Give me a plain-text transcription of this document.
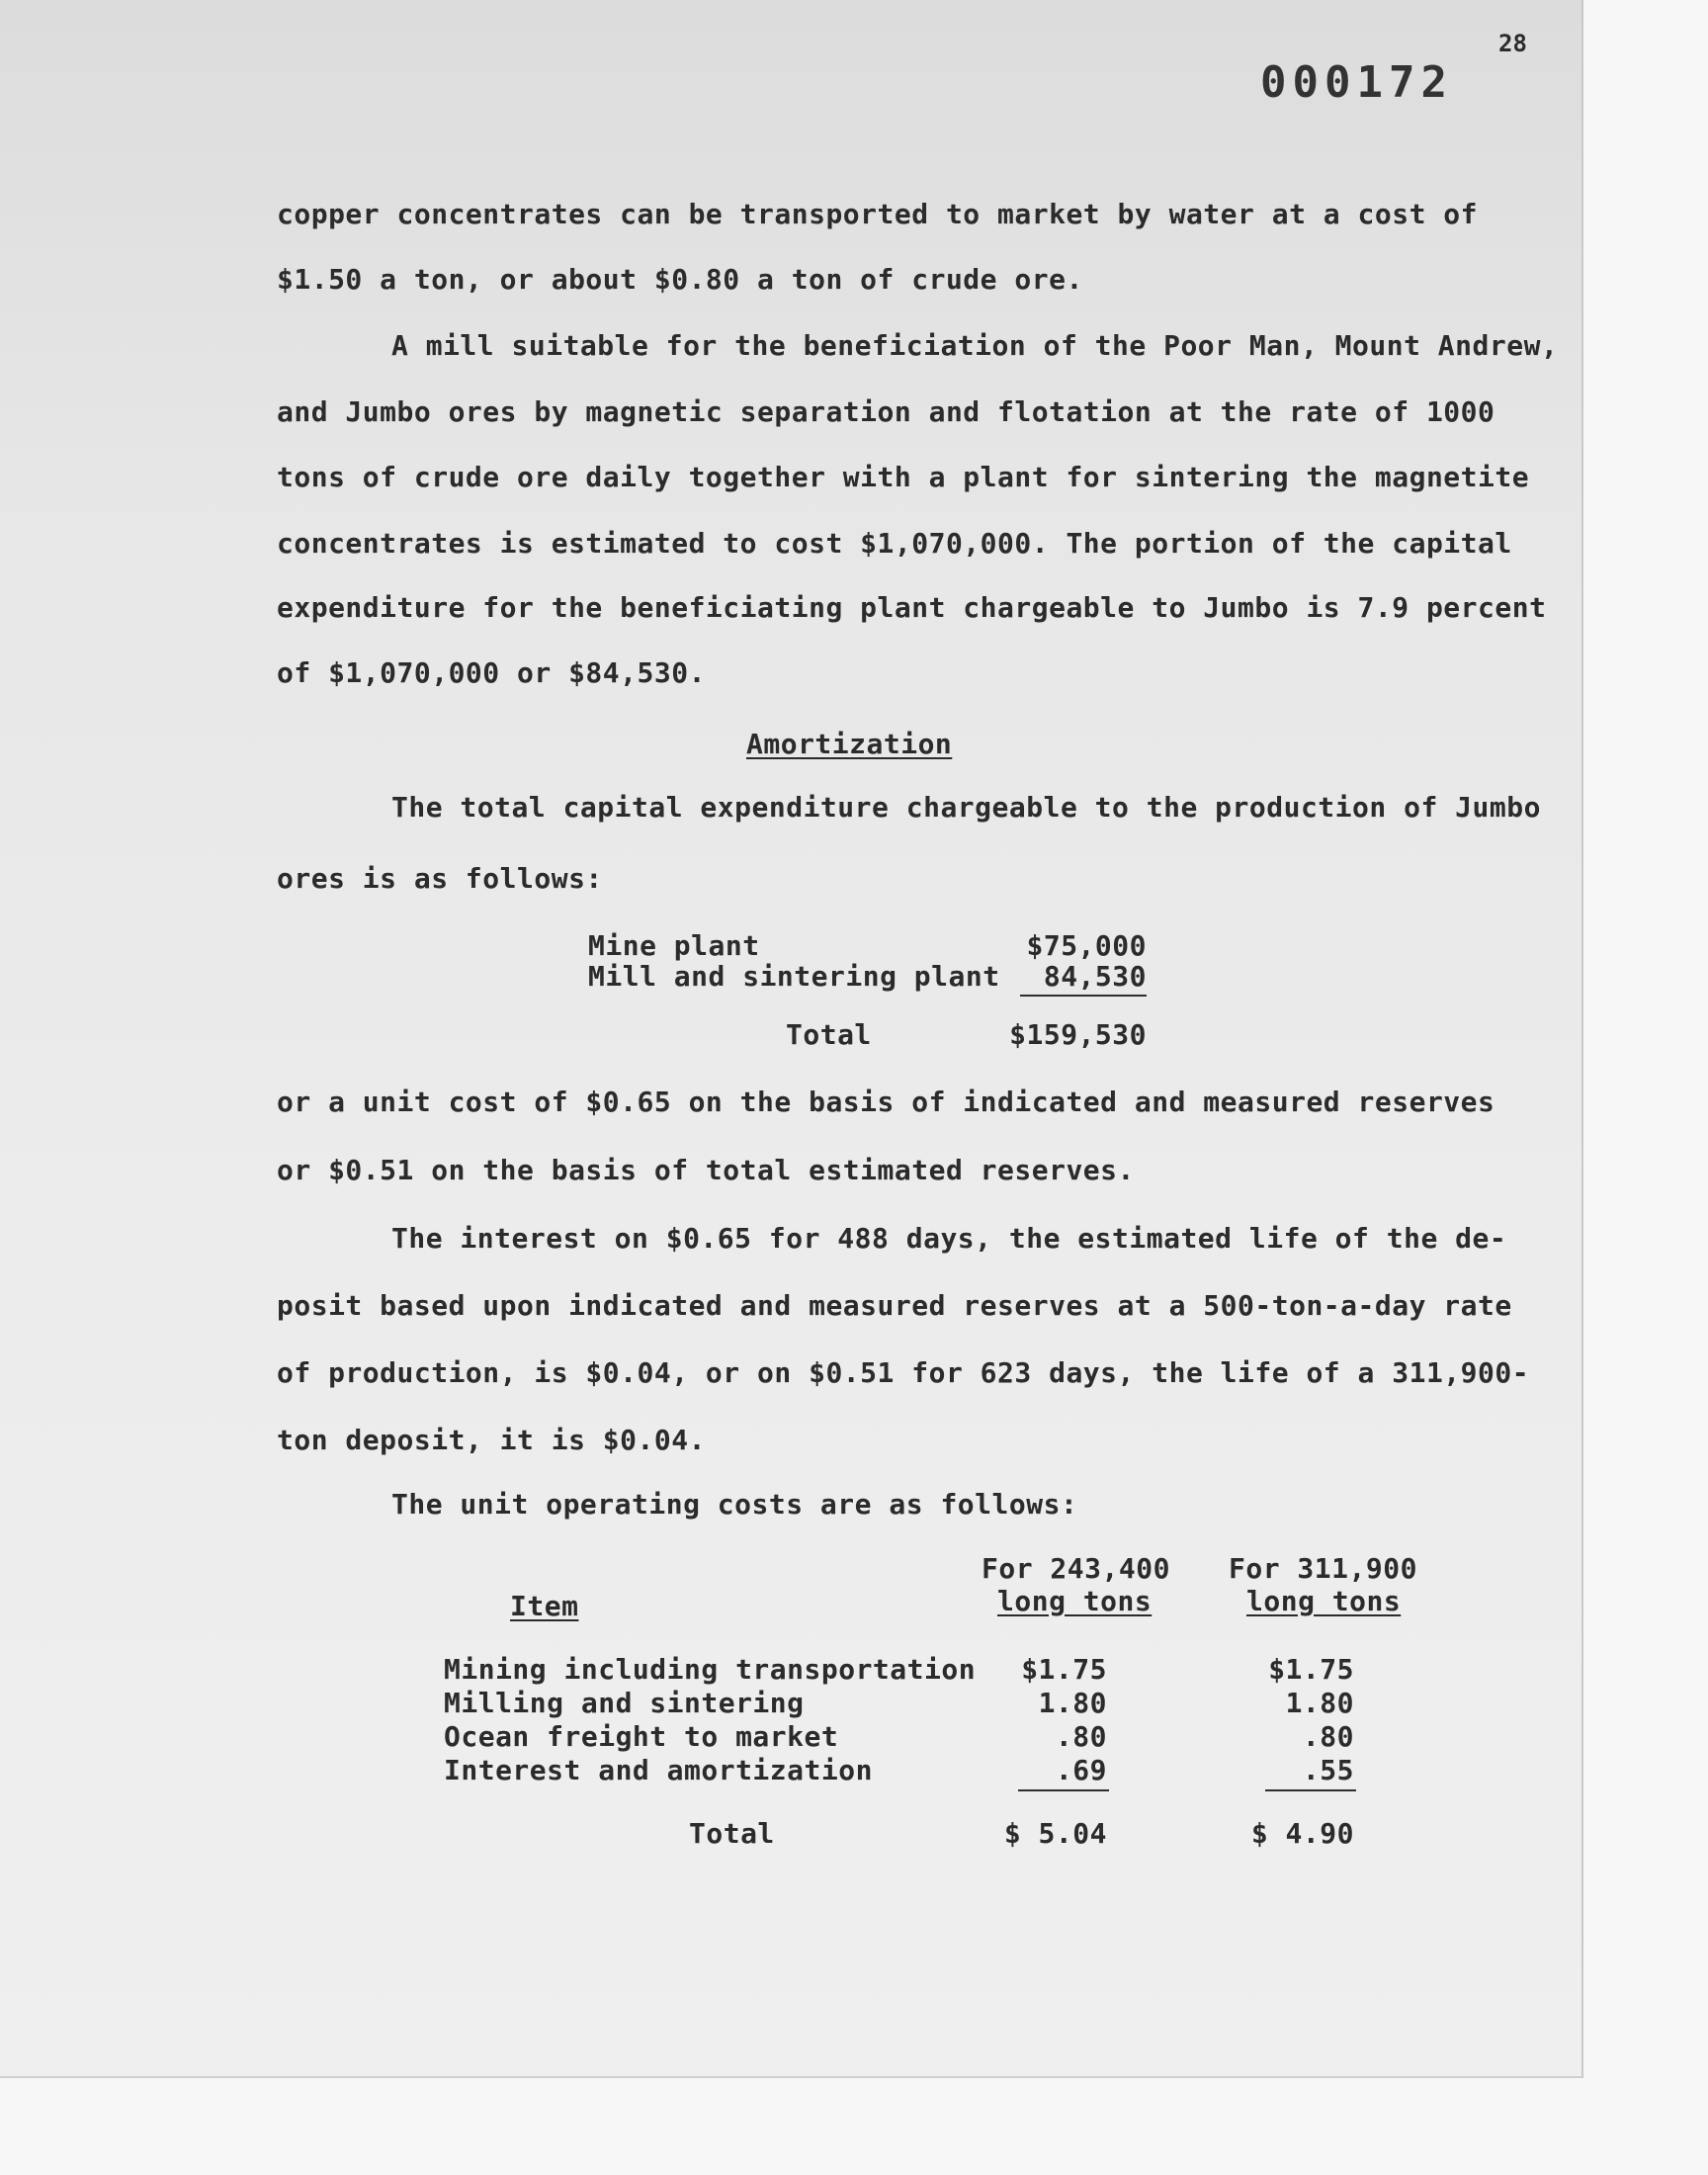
28
000172
copper concentrates can be transported to market by water at a cost of
$1.50 a ton, or about $0.80 a ton of crude ore.
A mill suitable for the beneficiation of the Poor Man, Mount Andrew,
and Jumbo ores by magnetic separation and flotation at the rate of 1000
tons of crude ore daily together with a plant for sintering the magnetite
concentrates is estimated to cost $1,070,000. The portion of the capital
expenditure for the beneficiating plant chargeable to Jumbo is 7.9 percent
of $1,070,000 or $84,530.
Amortization
The total capital expenditure chargeable to the production of Jumbo
ores is as follows:
Mine plant	$75,000
Mill and sintering plant	84,530
Total	$159,530
or a unit cost of $0.65 on the basis of indicated and measured reserves
or $0.51 on the basis of total estimated reserves.
The interest on $0.65 for 488 days, the estimated life of the de-
posit based upon indicated and measured reserves at a 500-ton-a-day rate
of production, is $0.04, or on $0.51 for 623 days, the life of a 311,900-
ton deposit, it is $0.04.
The unit operating costs are as follows:
For 243,400 For 311,900
Item	long tons	long tons
Mining including transportation	$1.75	$1.75
Milling and sintering	1.80	1.80
Ocean freight to market	.80	.80
Interest and amortization	.69	.55
Total	$ 5.04	$ 4.90
